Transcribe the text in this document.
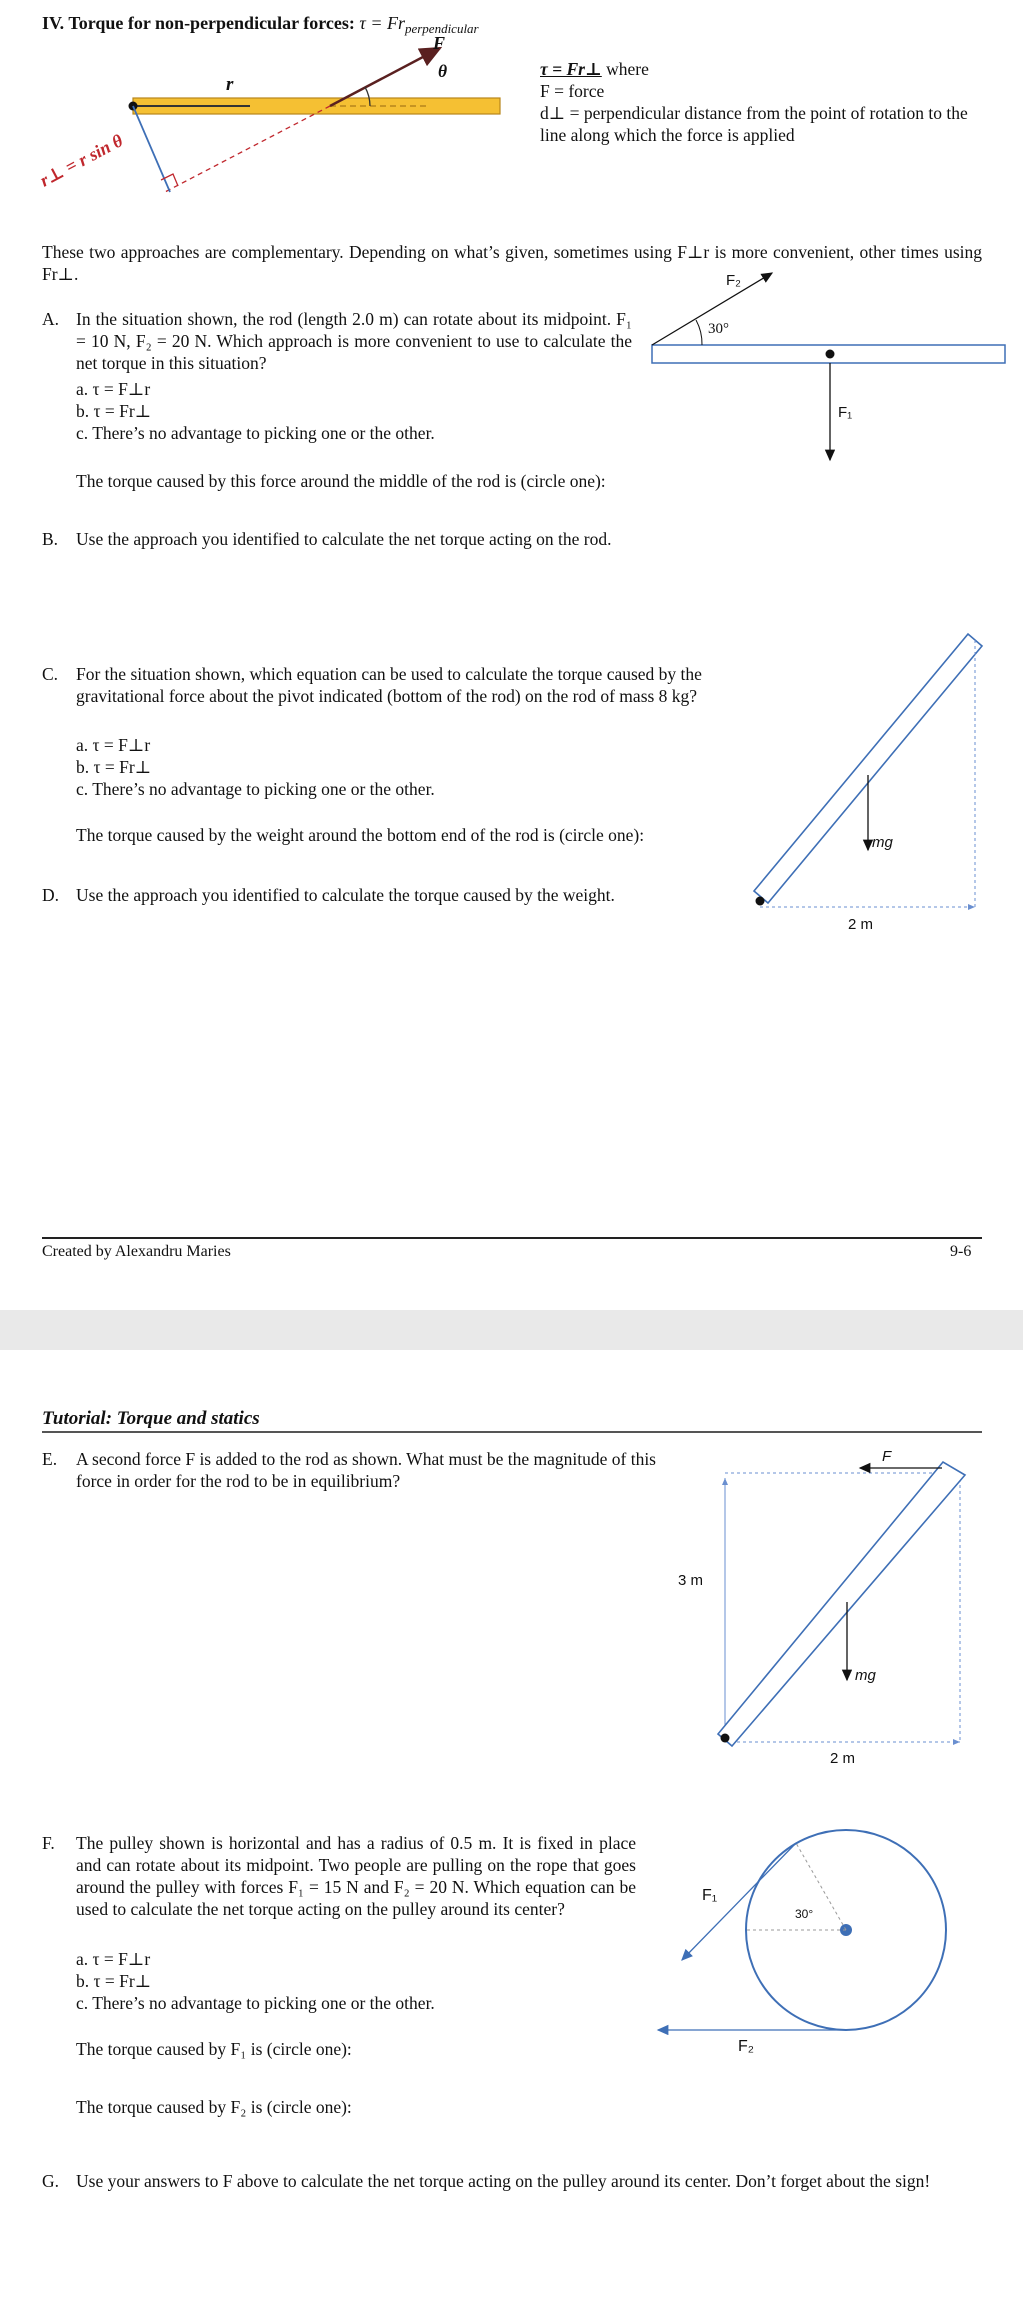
IV. Torque for non-perpendicular forces: $\tau = Fr_{perpendicular}$
F
θ
r
r⊥ = r sin θ
τ = Fr⊥ where
F = force
d⊥ = perpendicular distance from the point of rotation to the line along which the force is applied
These two approaches are complementary. Depending on what’s given, sometimes using F⊥r is more convenient, other times using Fr⊥.
A. In the situation shown, the rod (length 2.0 m) can rotate about its midpoint. F₁ = 10 N, F₂ = 20 N. Which approach is more convenient to use to calculate the net torque in this situation?
a. τ = F⊥r
b. τ = Fr⊥
c. There’s no advantage to picking one or the other.
The torque caused by this force around the middle of the rod is (circle one):
F₂
30°
F₁
B. Use the approach you identified to calculate the net torque acting on the rod.
C. For the situation shown, which equation can be used to calculate the torque caused by the gravitational force about the pivot indicated (bottom of the rod) on the rod of mass 8 kg?
a. τ = F⊥r
b. τ = Fr⊥
c. There’s no advantage to picking one or the other.
The torque caused by the weight around the bottom end of the rod is (circle one):
D. Use the approach you identified to calculate the torque caused by the weight.
mg
2 m
Created by Alexandru Maries	9-6
Tutorial: Torque and statics
E. A second force F is added to the rod as shown. What must be the magnitude of this force in order for the rod to be in equilibrium?
F
3 m
mg
2 m
F. The pulley shown is horizontal and has a radius of 0.5 m. It is fixed in place and can rotate about its midpoint. Two people are pulling on the rope that goes around the pulley with forces F₁ = 15 N and F₂ = 20 N. Which equation can be used to calculate the net torque acting on the pulley around its center?
a. τ = F⊥r
b. τ = Fr⊥
c. There’s no advantage to picking one or the other.
The torque caused by F₁ is (circle one):
The torque caused by F₂ is (circle one):
F₁
30°
F₂
G. Use your answers to F above to calculate the net torque acting on the pulley around its center. Don’t forget about the sign!
